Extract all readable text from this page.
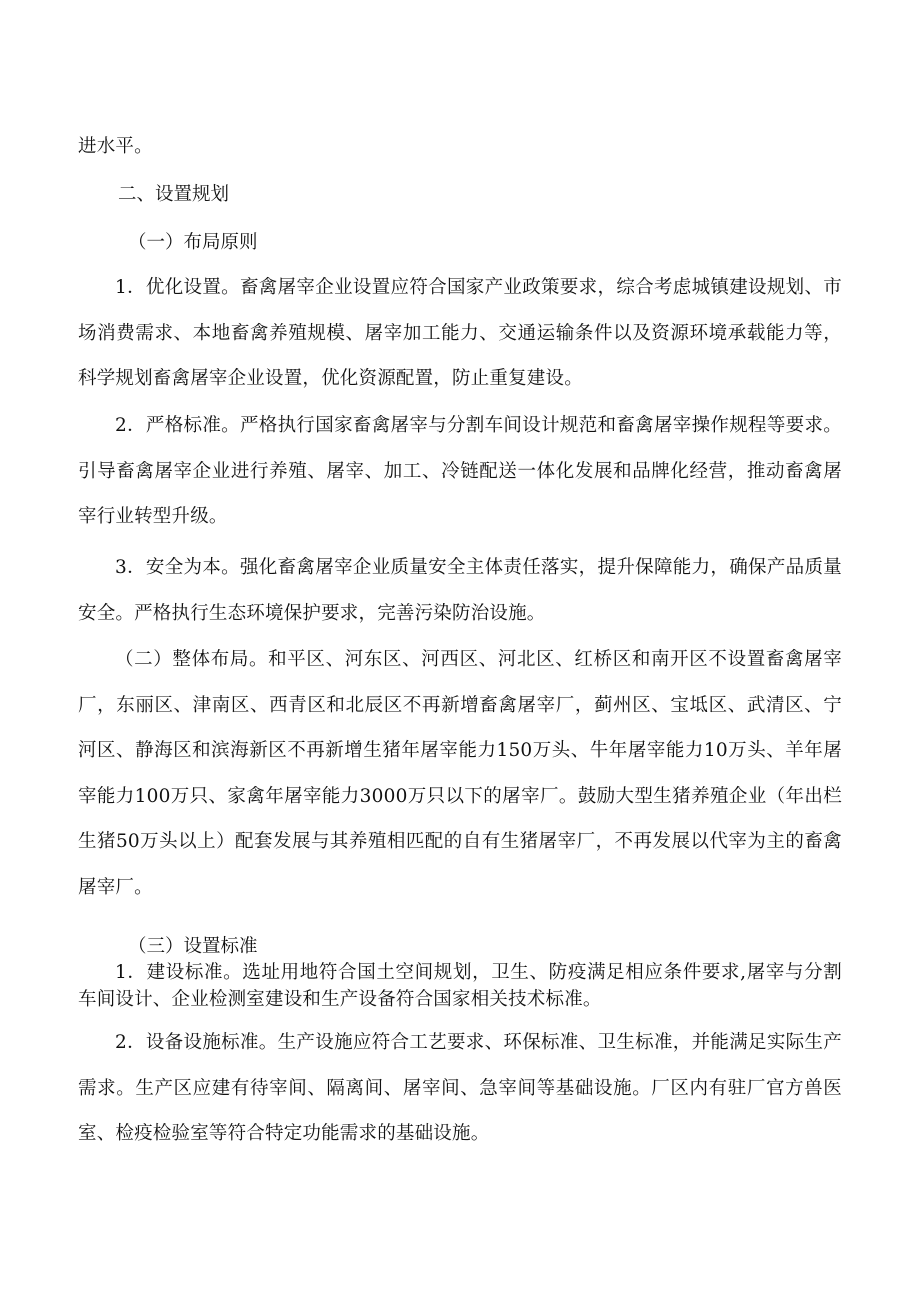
进水平。

二、设置规划

（一）布局原则

1．优化设置。畜禽屠宰企业设置应符合国家产业政策要求，综合考虑城镇建设规划、市场消费需求、本地畜禽养殖规模、屠宰加工能力、交通运输条件以及资源环境承载能力等，科学规划畜禽屠宰企业设置，优化资源配置，防止重复建设。

2．严格标准。严格执行国家畜禽屠宰与分割车间设计规范和畜禽屠宰操作规程等要求。引导畜禽屠宰企业进行养殖、屠宰、加工、冷链配送一体化发展和品牌化经营，推动畜禽屠宰行业转型升级。

3．安全为本。强化畜禽屠宰企业质量安全主体责任落实，提升保障能力，确保产品质量安全。严格执行生态环境保护要求，完善污染防治设施。

（二）整体布局。和平区、河东区、河西区、河北区、红桥区和南开区不设置畜禽屠宰厂，东丽区、津南区、西青区和北辰区不再新增畜禽屠宰厂，蓟州区、宝坻区、武清区、宁河区、静海区和滨海新区不再新增生猪年屠宰能力150万头、牛年屠宰能力10万头、羊年屠宰能力100万只、家禽年屠宰能力3000万只以下的屠宰厂。鼓励大型生猪养殖企业（年出栏生猪50万头以上）配套发展与其养殖相匹配的自有生猪屠宰厂，不再发展以代宰为主的畜禽屠宰厂。

（三）设置标准

1．建设标准。选址用地符合国土空间规划，卫生、防疫满足相应条件要求,屠宰与分割车间设计、企业检测室建设和生产设备符合国家相关技术标准。

2．设备设施标准。生产设施应符合工艺要求、环保标准、卫生标准，并能满足实际生产需求。生产区应建有待宰间、隔离间、屠宰间、急宰间等基础设施。厂区内有驻厂官方兽医室、检疫检验室等符合特定功能需求的基础设施。
